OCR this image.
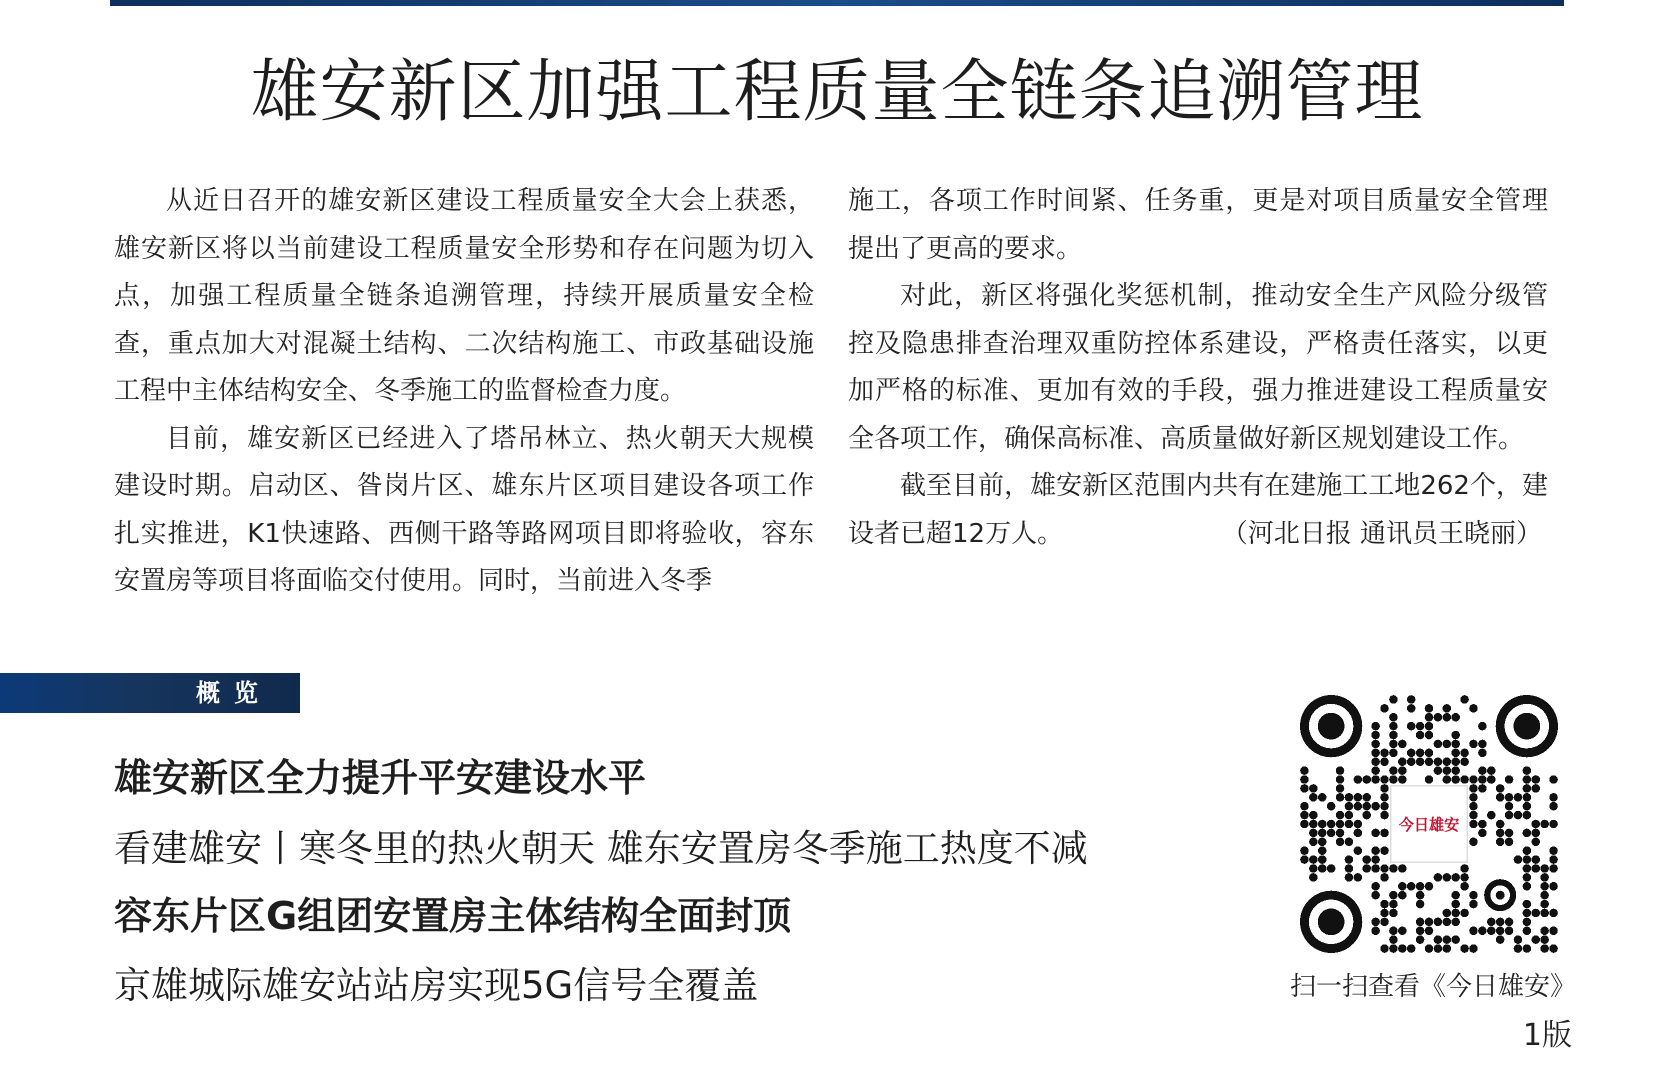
雄安新区加强工程质量全链条追溯管理

从近日召开的雄安新区建设工程质量安全大会上获悉，雄安新区将以当前建设工程质量安全形势和存在问题为切入点，加强工程质量全链条追溯管理，持续开展质量安全检查，重点加大对混凝土结构、二次结构施工、市政基础设施工程中主体结构安全、冬季施工的监督检查力度。

目前，雄安新区已经进入了塔吊林立、热火朝天大规模建设时期。启动区、昝岗片区、雄东片区项目建设各项工作扎实推进，K1快速路、西侧干路等路网项目即将验收，容东安置房等项目将面临交付使用。同时，当前进入冬季

施工，各项工作时间紧、任务重，更是对项目质量安全管理提出了更高的要求。

对此，新区将强化奖惩机制，推动安全生产风险分级管控及隐患排查治理双重防控体系建设，严格责任落实，以更加严格的标准、更加有效的手段，强力推进建设工程质量安全各项工作，确保高标准、高质量做好新区规划建设工作。

截至目前，雄安新区范围内共有在建施工工地262个，建设者已超12万人。	（河北日报 通讯员王晓丽）

概览
雄安新区全力提升平安建设水平
看建雄安丨寒冬里的热火朝天 雄东安置房冬季施工热度不减
容东片区G组团安置房主体结构全面封顶
京雄城际雄安站站房实现5G信号全覆盖
今日雄安
扫一扫查看《今日雄安》
1版
